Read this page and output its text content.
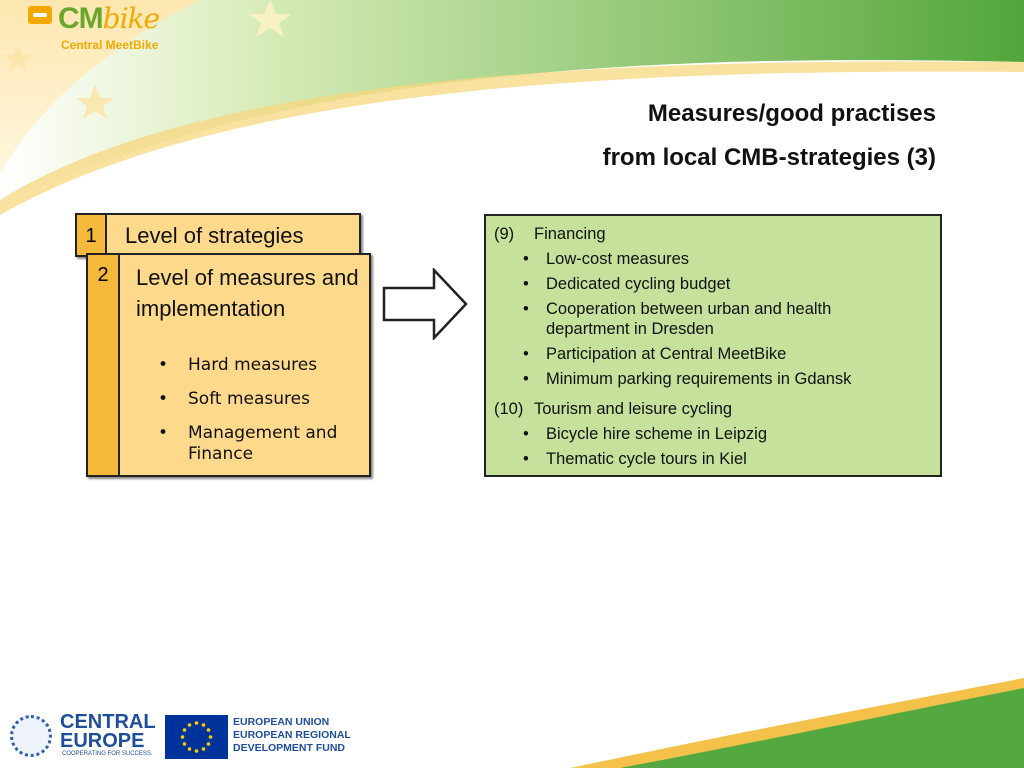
CMbike
Central MeetBike
Measures/good practises
from local CMB-strategies (3)
1	Level of strategies
2	Level of measures and implementation
• Hard measures
• Soft measures
• Management and Finance
(9) Financing
• Low-cost measures
• Dedicated cycling budget
• Cooperation between urban and health department in Dresden
• Participation at Central MeetBike
• Minimum parking requirements in Gdansk
(10) Tourism and leisure cycling
• Bicycle hire scheme in Leipzig
• Thematic cycle tours in Kiel
CENTRAL
EUROPE
COOPERATING FOR SUCCESS.
EUROPEAN UNION
EUROPEAN REGIONAL
DEVELOPMENT FUND
